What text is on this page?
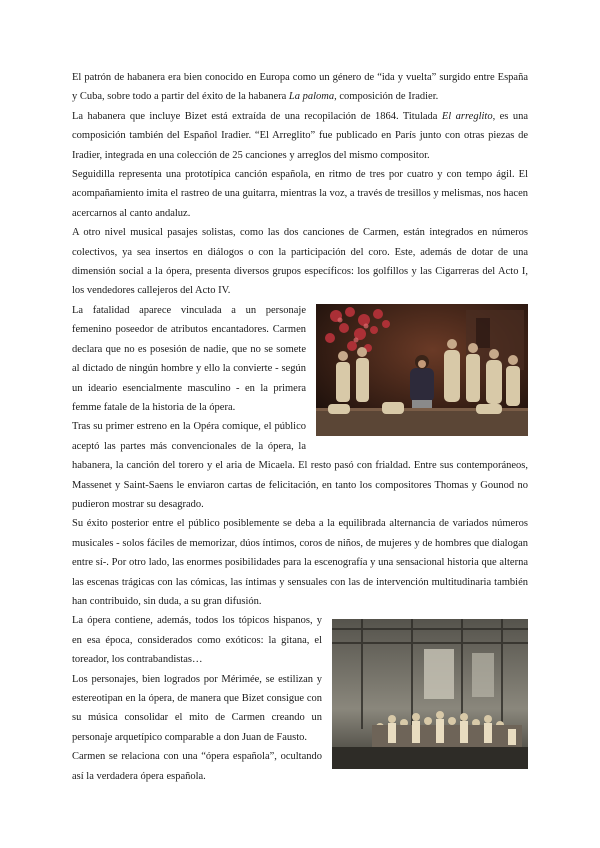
El patrón de habanera era bien conocido en Europa como un género de “ida y vuelta” surgido entre España y Cuba, sobre todo a partir del éxito de la habanera La paloma, composición de Iradier.

La habanera que incluye Bizet está extraída de una recopilación de 1864. Titulada El arreglito, es una composición también del Español Iradier. “El Arreglito” fue publicado en París junto con otras piezas de Iradier, integrada en una colección de 25 canciones y arreglos del mismo compositor.

Seguidilla representa una prototípica canción española, en ritmo de tres por cuatro y con tempo ágil. El acompañamiento imita el rastreo de una guitarra, mientras la voz, a través de tresillos y melismas, nos hacen acercarnos al canto andaluz.

A otro nivel musical pasajes solistas, como las dos canciones de Carmen, están integrados en números colectivos, ya sea insertos en diálogos o con la participación del coro. Este, además de dotar de una dimensión social a la ópera, presenta diversos grupos específicos: los golfillos y las Cigarreras del Acto I, los vendedores callejeros del Acto IV.

La fatalidad aparece vinculada a un personaje femenino poseedor de atributos encantadores. Carmen declara que no es posesión de nadie, que no se somete al dictado de ningún hombre y ello la convierte - según un ideario esencialmente masculino - en la primera femme fatale de la historia de la ópera.

Tras su primer estreno en la Opéra comique, el público aceptó las partes más convencionales de la ópera, la habanera, la canción del torero y el aria de Micaela. El resto pasó con frialdad. Entre sus contemporáneos, Massenet y Saint-Saens le enviaron cartas de felicitación, en tanto los compositores Thomas y Gounod no pudieron mostrar su desagrado.

Su éxito posterior entre el público posiblemente se deba a la equilibrada alternancia de variados números musicales - solos fáciles de memorizar, dúos íntimos, coros de niños, de mujeres y de hombres que dialogan entre sí-. Por otro lado, las enormes posibilidades para la escenografía y una sensacional historia que alterna las escenas trágicas con las cómicas, las íntimas y sensuales con las de intervención multitudinaria también han contribuido, sin duda, a su gran difusión.

La ópera contiene, además, todos los tópicos hispanos, y en esa época, considerados como exóticos: la gitana, el toreador, los contrabandistas…

Los personajes, bien logrados por Mérimée, se estilizan y estereotipan en la ópera, de manera que Bizet consigue con su música consolidar el mito de Carmen creando un personaje arquetípico comparable a don Juan de Fausto.

Carmen se relaciona con una “ópera española”, ocultando así la verdadera ópera española.
